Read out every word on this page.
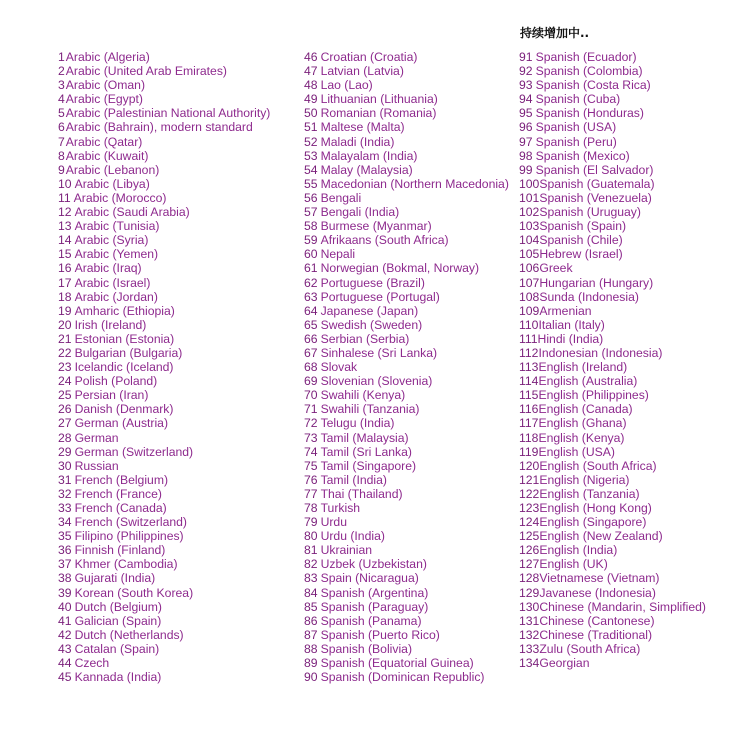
持续增加中..
1Arabic (Algeria)
2Arabic (United Arab Emirates)
3Arabic (Oman)
4Arabic (Egypt)
5Arabic (Palestinian National Authority)
6Arabic (Bahrain), modern standard
7Arabic (Qatar)
8Arabic (Kuwait)
9Arabic (Lebanon)
10 Arabic (Libya)
11 Arabic (Morocco)
12 Arabic (Saudi Arabia)
13 Arabic (Tunisia)
14 Arabic (Syria)
15 Arabic (Yemen)
16 Arabic (Iraq)
17 Arabic (Israel)
18 Arabic (Jordan)
19 Amharic (Ethiopia)
20 Irish (Ireland)
21 Estonian (Estonia)
22 Bulgarian (Bulgaria)
23 Icelandic (Iceland)
24 Polish (Poland)
25 Persian (Iran)
26 Danish (Denmark)
27 German (Austria)
28 German
29 German (Switzerland)
30 Russian
31 French (Belgium)
32 French (France)
33 French (Canada)
34 French (Switzerland)
35 Filipino (Philippines)
36 Finnish (Finland)
37 Khmer (Cambodia)
38 Gujarati (India)
39 Korean (South Korea)
40 Dutch (Belgium)
41 Galician (Spain)
42 Dutch (Netherlands)
43 Catalan (Spain)
44 Czech
45 Kannada (India)
46 Croatian (Croatia)
47 Latvian (Latvia)
48 Lao (Lao)
49 Lithuanian (Lithuania)
50 Romanian (Romania)
51 Maltese (Malta)
52 Maladi (India)
53 Malayalam (India)
54 Malay (Malaysia)
55 Macedonian (Northern Macedonia)
56 Bengali
57 Bengali (India)
58 Burmese (Myanmar)
59 Afrikaans (South Africa)
60 Nepali
61 Norwegian (Bokmal, Norway)
62 Portuguese (Brazil)
63 Portuguese (Portugal)
64 Japanese (Japan)
65 Swedish (Sweden)
66 Serbian (Serbia)
67 Sinhalese (Sri Lanka)
68 Slovak
69 Slovenian (Slovenia)
70 Swahili (Kenya)
71 Swahili (Tanzania)
72 Telugu (India)
73 Tamil (Malaysia)
74 Tamil (Sri Lanka)
75 Tamil (Singapore)
76 Tamil (India)
77 Thai (Thailand)
78 Turkish
79 Urdu
80 Urdu (India)
81 Ukrainian
82 Uzbek (Uzbekistan)
83 Spain (Nicaragua)
84 Spanish (Argentina)
85 Spanish (Paraguay)
86 Spanish (Panama)
87 Spanish (Puerto Rico)
88 Spanish (Bolivia)
89 Spanish (Equatorial Guinea)
90 Spanish (Dominican Republic)
91 Spanish (Ecuador)
92 Spanish (Colombia)
93 Spanish (Costa Rica)
94 Spanish (Cuba)
95 Spanish (Honduras)
96 Spanish (USA)
97 Spanish (Peru)
98 Spanish (Mexico)
99 Spanish (El Salvador)
100Spanish (Guatemala)
101Spanish (Venezuela)
102Spanish (Uruguay)
103Spanish (Spain)
104Spanish (Chile)
105Hebrew (Israel)
106Greek
107Hungarian (Hungary)
108Sunda (Indonesia)
109Armenian
110Italian (Italy)
111Hindi (India)
112Indonesian (Indonesia)
113English (Ireland)
114English (Australia)
115English (Philippines)
116English (Canada)
117English (Ghana)
118English (Kenya)
119English (USA)
120English (South Africa)
121English (Nigeria)
122English (Tanzania)
123English (Hong Kong)
124English (Singapore)
125English (New Zealand)
126English (India)
127English (UK)
128Vietnamese (Vietnam)
129Javanese (Indonesia)
130Chinese (Mandarin, Simplified)
131Chinese (Cantonese)
132Chinese (Traditional)
133Zulu (South Africa)
134Georgian
